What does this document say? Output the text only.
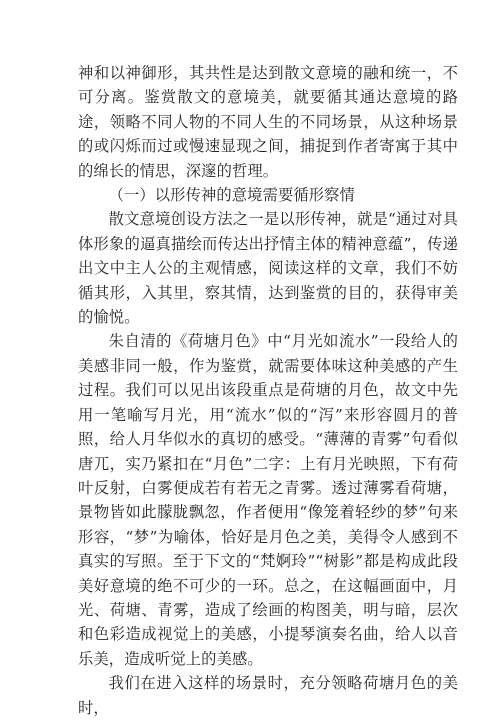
神和以神御形，其共性是达到散文意境的融和统一，不可分离。鉴赏散文的意境美，就要循其通达意境的路途，领略不同人物的不同人生的不同场景，从这种场景的或闪烁而过或慢速显现之间，捕捉到作者寄寓于其中的绵长的情思，深邃的哲理。

（一）以形传神的意境需要循形察情

散文意境创设方法之一是以形传神，就是“通过对具体形象的逼真描绘而传达出抒情主体的精神意蕴”，传递出文中主人公的主观情感，阅读这样的文章，我们不妨循其形，入其里，察其情，达到鉴赏的目的，获得审美的愉悦。

朱自清的《荷塘月色》中“月光如流水”一段给人的美感非同一般，作为鉴赏，就需要体味这种美感的产生过程。我们可以见出该段重点是荷塘的月色，故文中先用一笔喻写月光，用“流水”似的“泻”来形容圆月的普照，给人月华似水的真切的感受。“薄薄的青雾”句看似唐兀，实乃紧扣在“月色”二字：上有月光映照，下有荷叶反射，白雾便成若有若无之青雾。透过薄雾看荷塘，景物皆如此朦胧飘忽，作者便用“像笼着轻纱的梦”句来形容，“梦”为喻体，恰好是月色之美，美得令人感到不真实的写照。至于下文的“梵婀玲”“树影”都是构成此段美好意境的绝不可少的一环。总之，在这幅画面中，月光、荷塘、青雾，造成了绘画的构图美，明与暗，层次和色彩造成视觉上的美感，小提琴演奏名曲，给人以音乐美，造成听觉上的美感。

我们在进入这样的场景时，充分领略荷塘月色的美时，
